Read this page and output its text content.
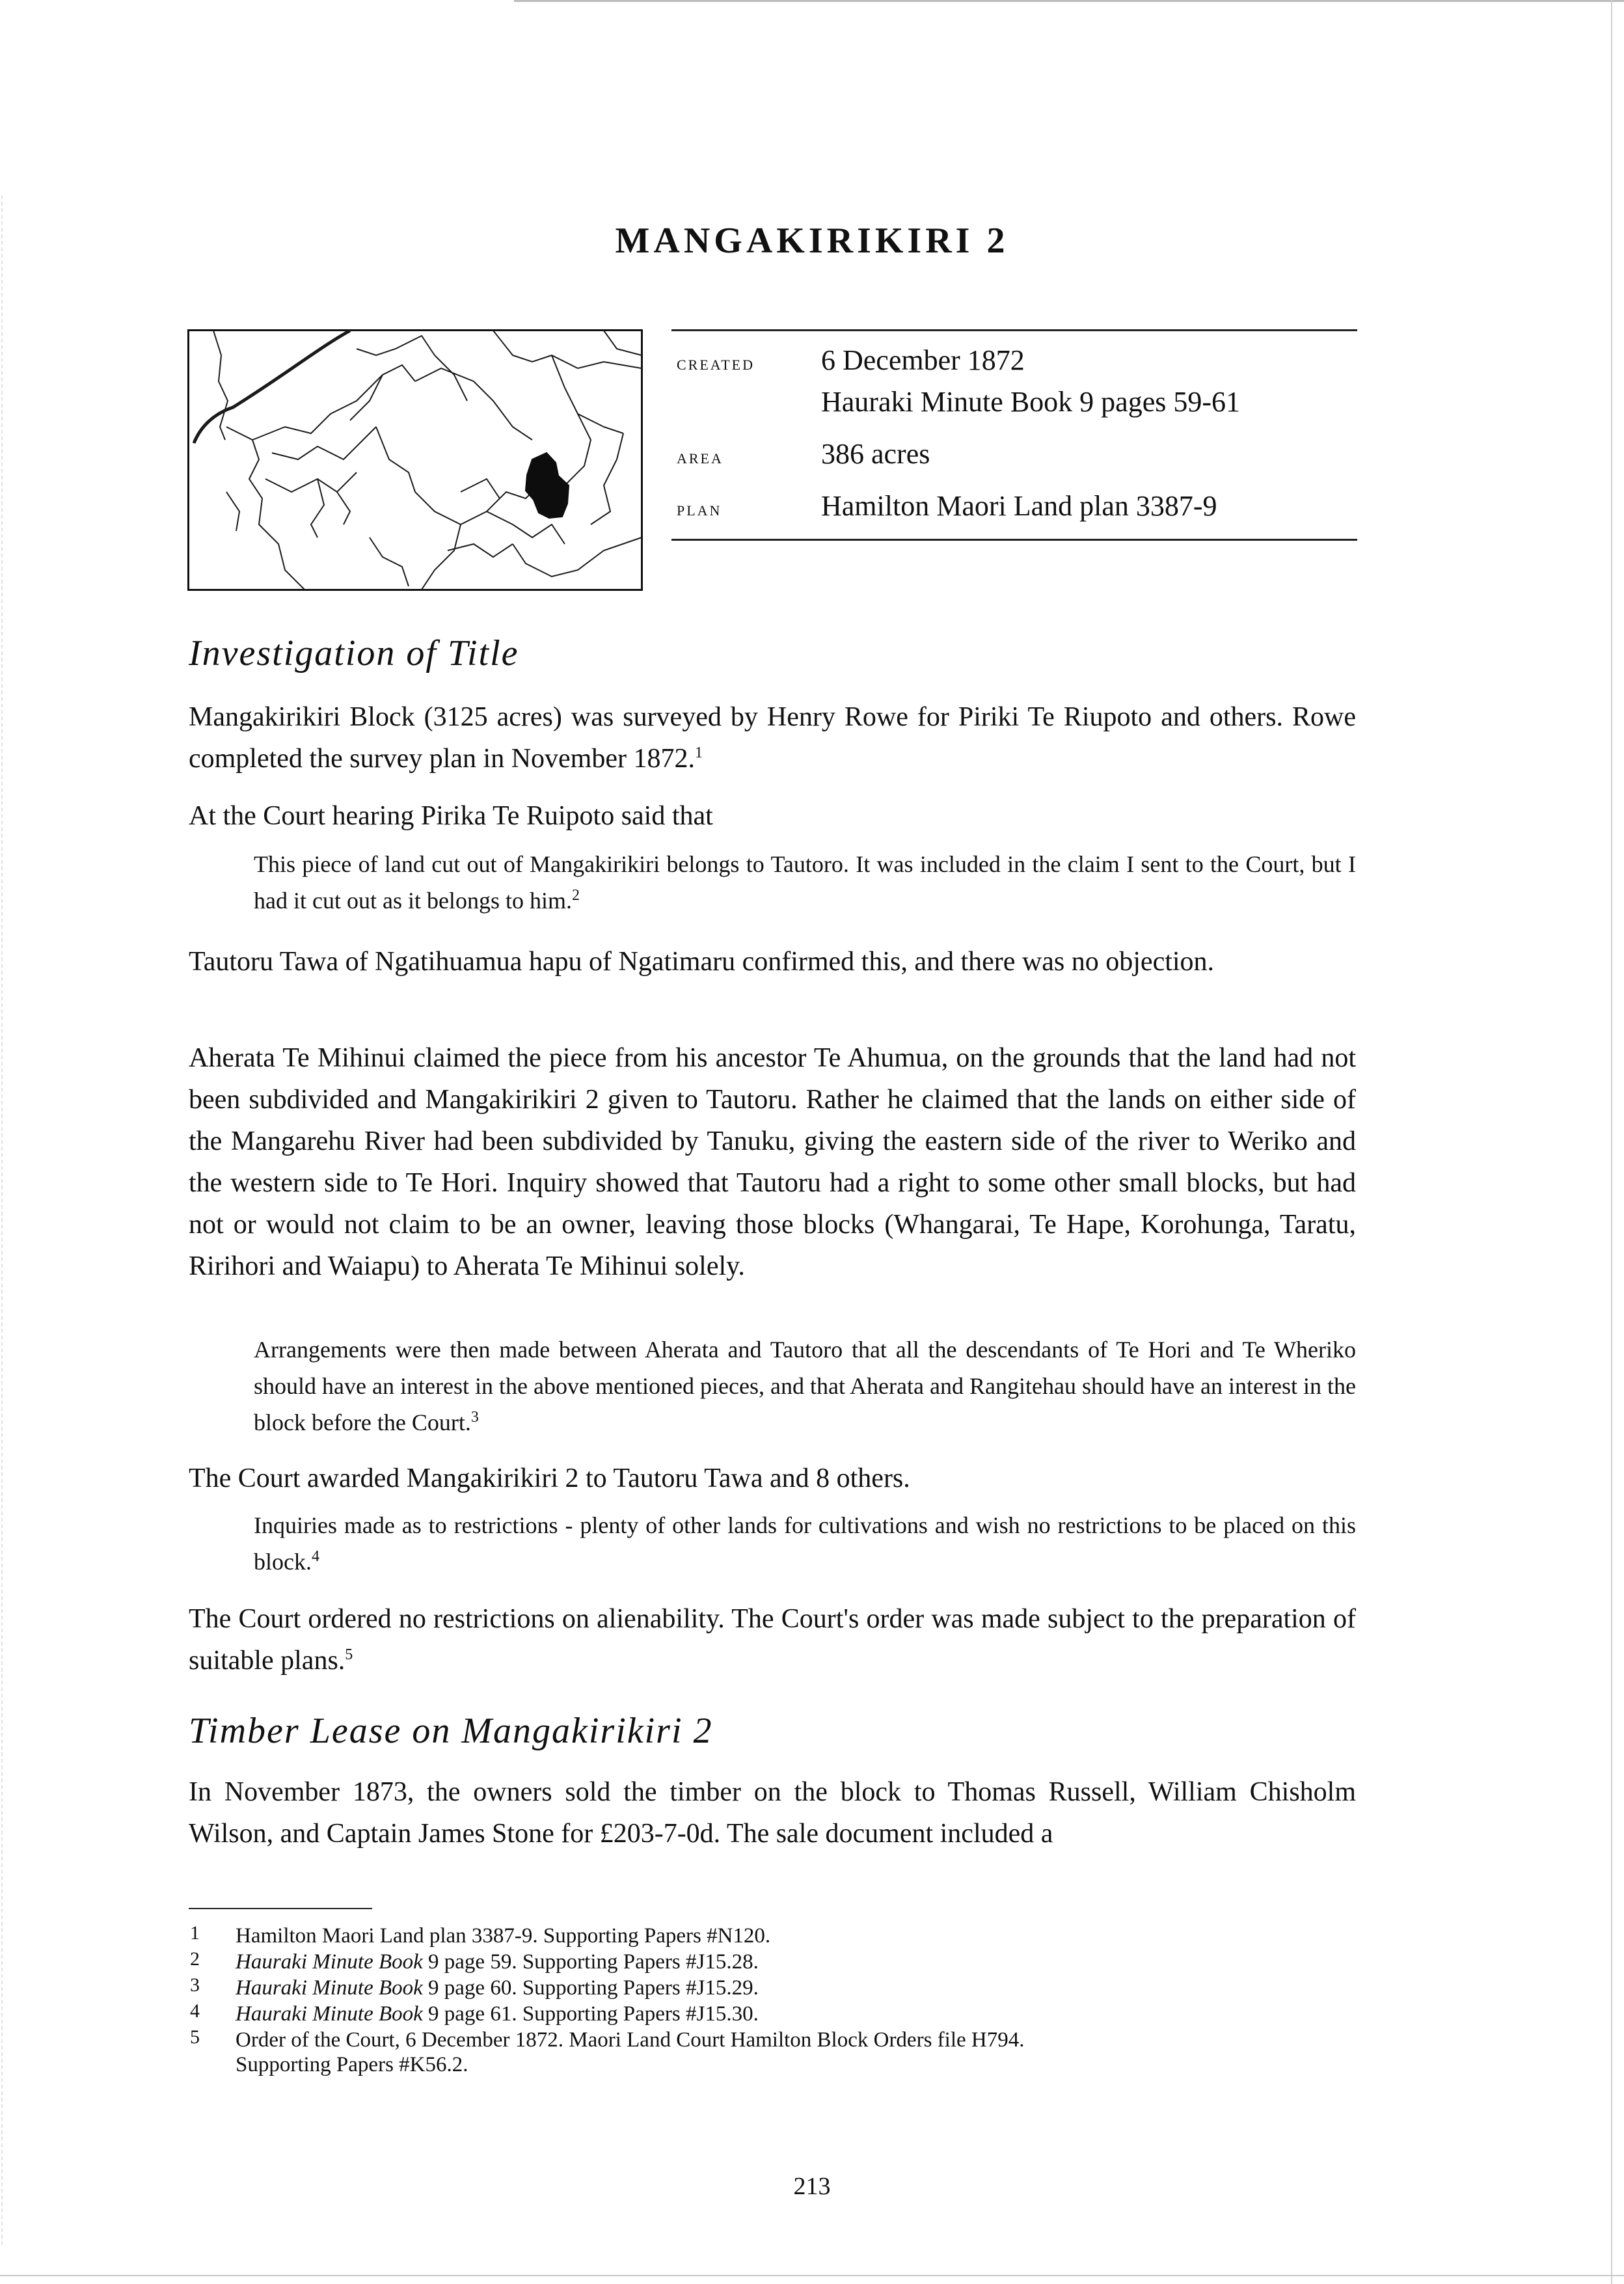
MANGAKIRIKIRI 2
created 6 December 1872
Hauraki Minute Book 9 pages 59-61
area	386 acres
plan	Hamilton Maori Land plan 3387-9
Investigation of Title

Mangakirikiri Block (3125 acres) was surveyed by Henry Rowe for Piriki Te Riupoto and others. Rowe completed the survey plan in November 1872.$^1$

At the Court hearing Pirika Te Ruipoto said that

This piece of land cut out of Mangakirikiri belongs to Tautoro. It was included in the claim I sent to the Court, but I had it cut out as it belongs to him.$^2$

Tautoru Tawa of Ngatihuamua hapu of Ngatimaru confirmed this, and there was no objection.

Aherata Te Mihinui claimed the piece from his ancestor Te Ahumua, on the grounds that the land had not been subdivided and Mangakirikiri 2 given to Tautoru. Rather he claimed that the lands on either side of the Mangarehu River had been subdivided by Tanuku, giving the eastern side of the river to Weriko and the western side to Te Hori. Inquiry showed that Tautoru had a right to some other small blocks, but had not or would not claim to be an owner, leaving those blocks (Whangarai, Te Hape, Korohunga, Taratu, Ririhori and Waiapu) to Aherata Te Mihinui solely.

Arrangements were then made between Aherata and Tautoro that all the descendants of Te Hori and Te Wheriko should have an interest in the above mentioned pieces, and that Aherata and Rangitehau should have an interest in the block before the Court.$^3$

The Court awarded Mangakirikiri 2 to Tautoru Tawa and 8 others.

Inquiries made as to restrictions - plenty of other lands for cultivations and wish no restrictions to be placed on this block.$^4$

The Court ordered no restrictions on alienability. The Court's order was made subject to the preparation of suitable plans.$^5$

Timber Lease on Mangakirikiri 2

In November 1873, the owners sold the timber on the block to Thomas Russell, William Chisholm Wilson, and Captain James Stone for £203-7-0d. The sale document included a

1 Hamilton Maori Land plan 3387-9. Supporting Papers #N120.
2 Hauraki Minute Book 9 page 59. Supporting Papers #J15.28.
3 Hauraki Minute Book 9 page 60. Supporting Papers #J15.29.
4 Hauraki Minute Book 9 page 61. Supporting Papers #J15.30.
5 Order of the Court, 6 December 1872. Maori Land Court Hamilton Block Orders file H794.
Supporting Papers #K56.2.
213
